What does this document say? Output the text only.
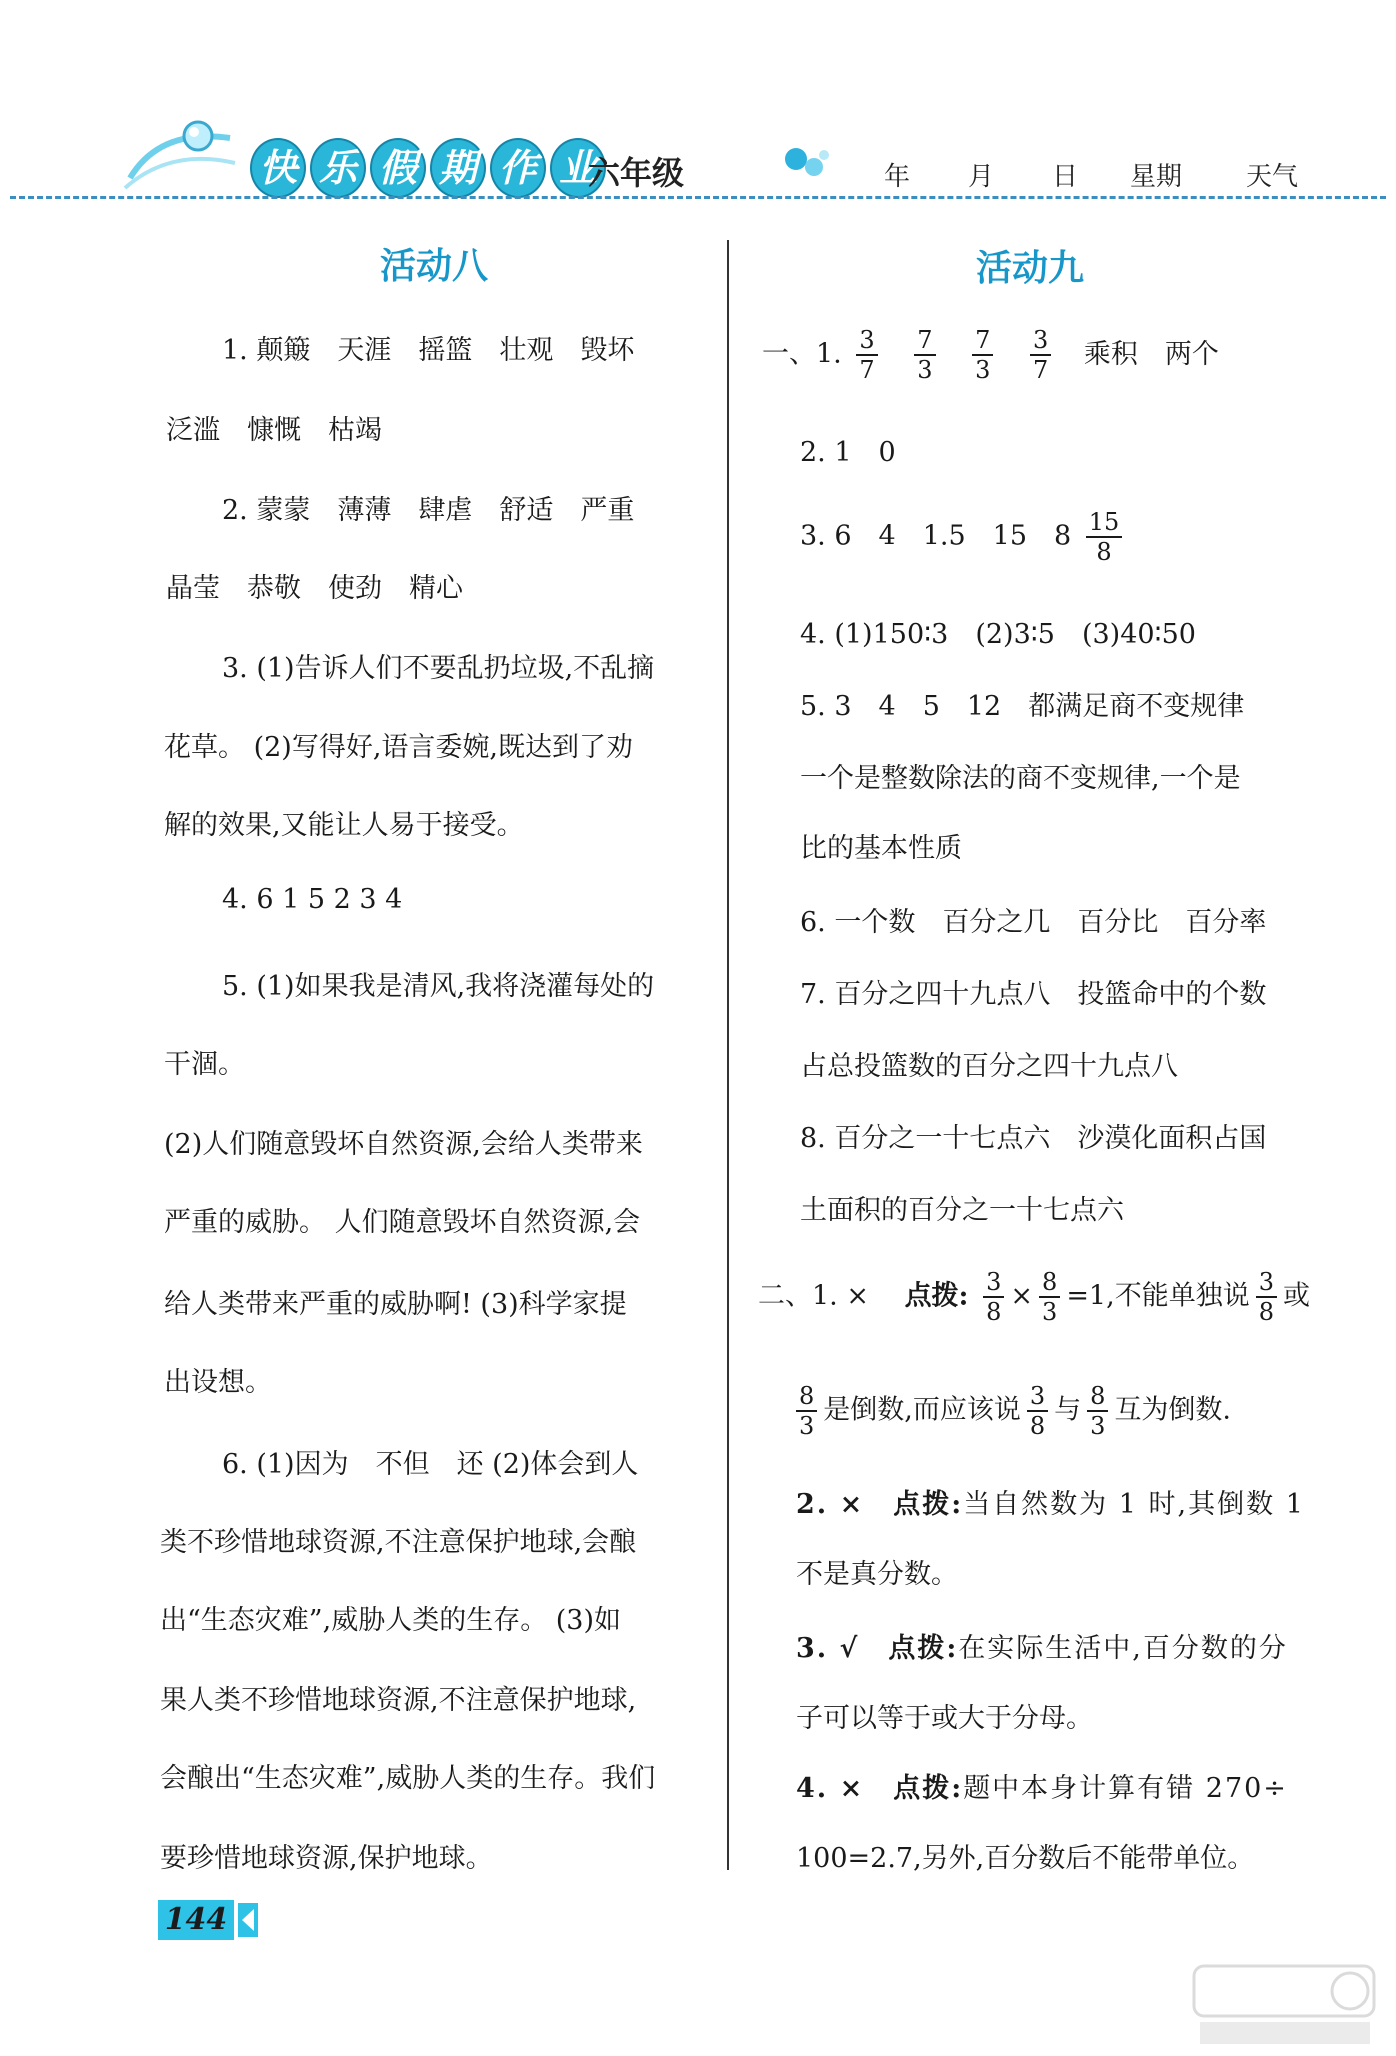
快 乐 假 期 作 业
六年级	年 月 日 星期 天气
活动八
1. 颠簸　天涯　摇篮　壮观　毁坏
泛滥　慷慨　枯竭
2. 蒙蒙　薄薄　肆虐　舒适　严重
晶莹　恭敬　使劲　精心
3. (1)告诉人们不要乱扔垃圾,不乱摘
花草。 (2)写得好,语言委婉,既达到了劝
解的效果,又能让人易于接受。
4. 6 1 5 2 3 4
5. (1)如果我是清风,我将浇灌每处的
干涸。
(2)人们随意毁坏自然资源,会给人类带来
严重的威胁。 人们随意毁坏自然资源,会
给人类带来严重的威胁啊! (3)科学家提
出设想。
6. (1)因为　不但　还 (2)体会到人
类不珍惜地球资源,不注意保护地球,会酿
出“生态灾难”,威胁人类的生存。 (3)如
果人类不珍惜地球资源,不注意保护地球,
会酿出“生态灾难”,威胁人类的生存。我们
要珍惜地球资源,保护地球。
活动九
一、1. $\frac{3}{7}$
$\frac{7}{3}$
$\frac{7}{3}$
$\frac{3}{7}$ 乘积　两个
2. 1　0
3. 6　4　1.5　15　$8 \frac{15}{8}$
4. (1)150∶3　(2)3∶5　(3)40∶50
5. 3　4　5　12　都满足商不变规律
一个是整数除法的商不变规律,一个是
比的基本性质
6. 一个数　百分之几　百分比　百分率
7. 百分之四十九点八　投篮命中的个数
占总投篮数的百分之四十九点八
8. 百分之一十七点六　沙漠化面积占国
土面积的百分之一十七点六
二、1. ×　 点拨: $\frac{3}{8} \times \frac{8}{3} =1$,不能单独说 $\frac{3}{8}$ 或
$\frac{8}{3}$ 是倒数,而应该说 $\frac{3}{8}$ 与 $\frac{8}{3}$ 互为倒数.
2. ×　点拨:当自然数为 1 时,其倒数 1
不是真分数。
3. √　点拨:在实际生活中,百分数的分
子可以等于或大于分母。
4. ×　点拨:题中本身计算有错 270÷
100=2.7,另外,百分数后不能带单位。
144
